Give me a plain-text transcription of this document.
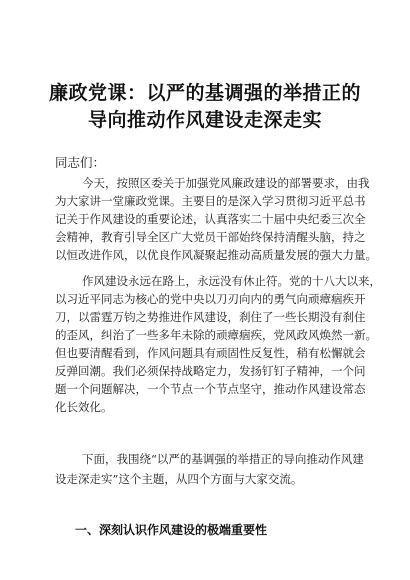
廉政党课：以严的基调强的举措正的
导向推动作风建设走深走实
同志们：
今天，按照区委关于加强党风廉政建设的部署要求，由我
为大家讲一堂廉政党课。主要目的是深入学习贯彻习近平总书
记关于作风建设的重要论述，认真落实二十届中央纪委三次全
会精神，教育引导全区广大党员干部始终保持清醒头脑，持之
以恒改进作风，以优良作风凝聚起推动高质量发展的强大力量。
作风建设永远在路上，永远没有休止符。党的十八大以来，
以习近平同志为核心的党中央以刀刃向内的勇气向顽瘴痼疾开
刀，以雷霆万钧之势推进作风建设，刹住了一些长期没有刹住
的歪风，纠治了一些多年未除的顽瘴痼疾，党风政风焕然一新。
但也要清醒看到，作风问题具有顽固性反复性，稍有松懈就会
反弹回潮。我们必须保持战略定力，发扬钉钉子精神，一个问
题一个问题解决，一个节点一个节点坚守，推动作风建设常态
化长效化。
下面，我围绕“以严的基调强的举措正的导向推动作风建
设走深走实”这个主题，从四个方面与大家交流。
一、深刻认识作风建设的极端重要性
